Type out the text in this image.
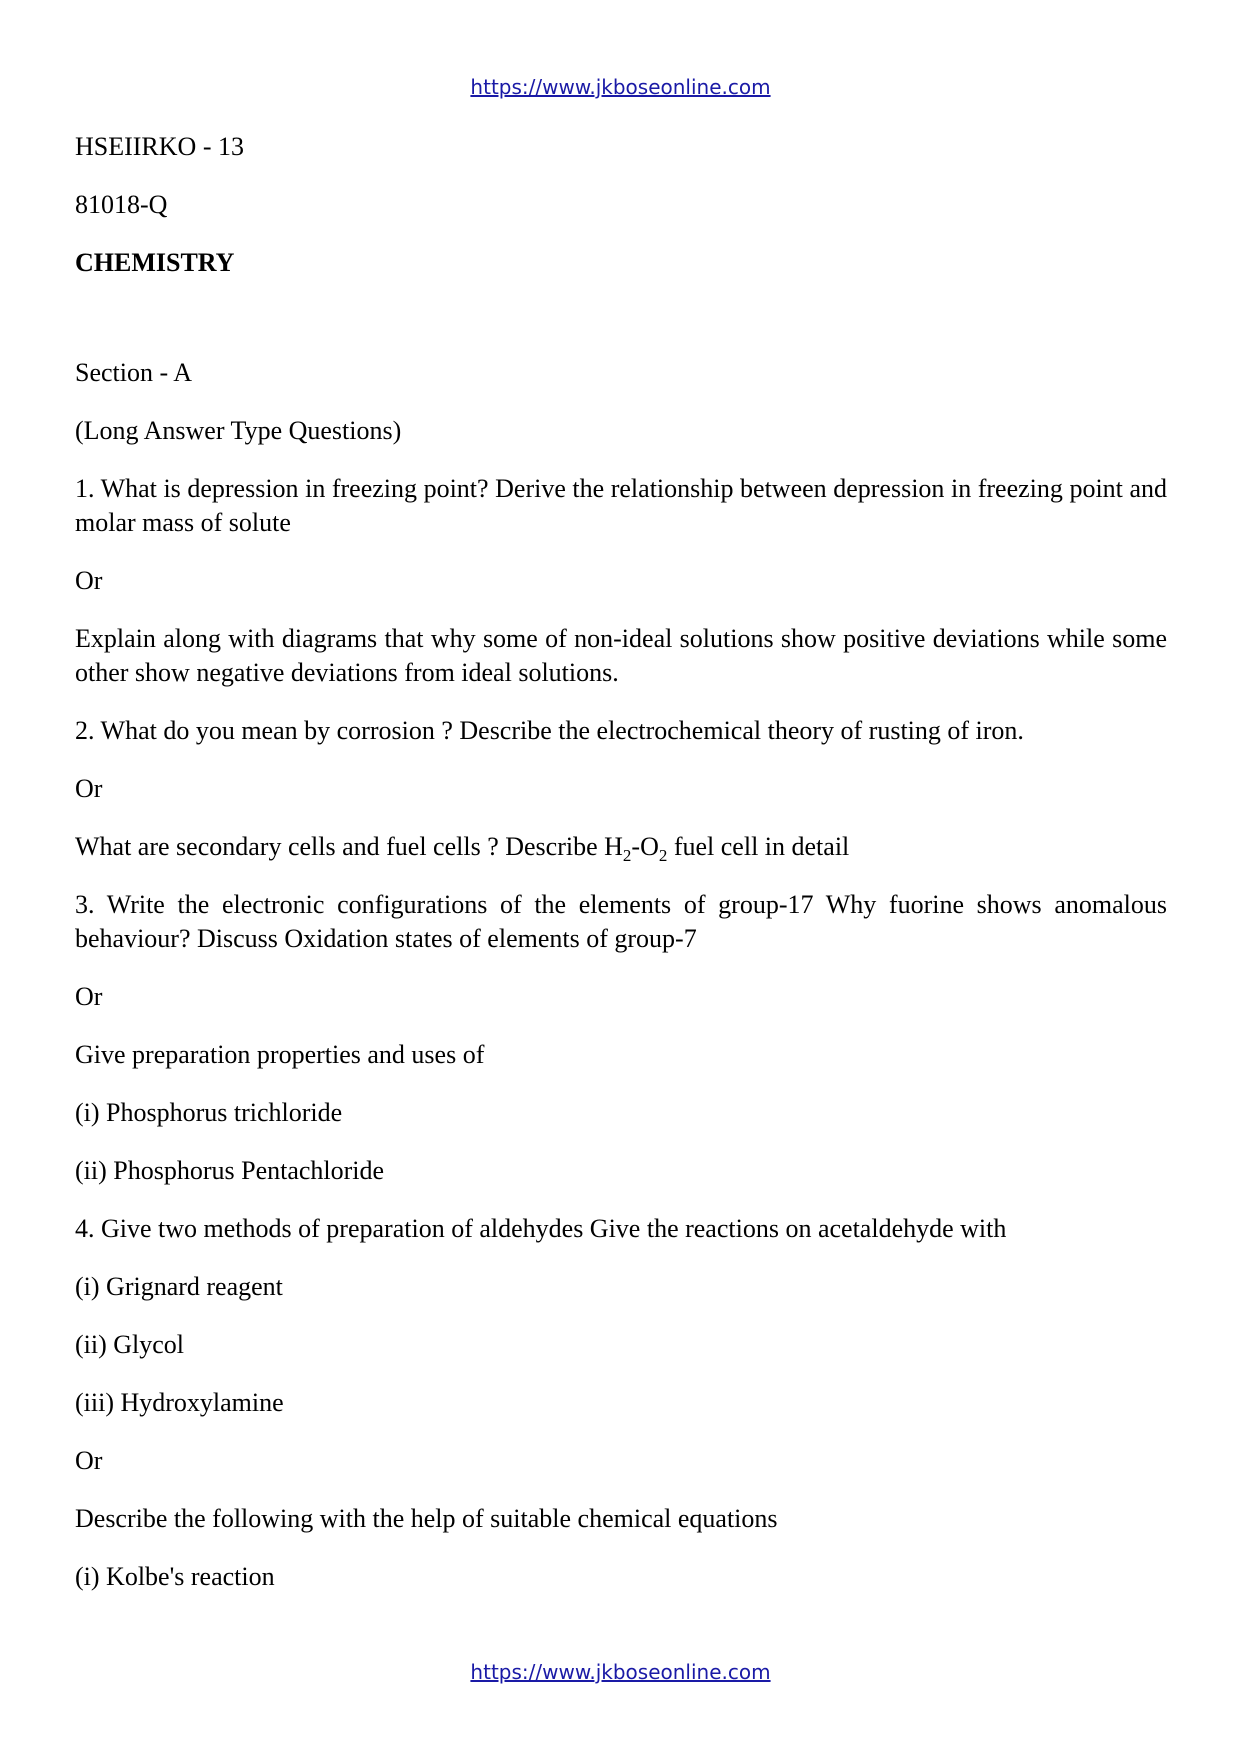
https://www.jkboseonline.com

HSEIIRKO - 13

81018-Q

CHEMISTRY

Section - A

(Long Answer Type Questions)

1. What is depression in freezing point? Derive the relationship between depression in freezing point and molar mass of solute

Or

Explain along with diagrams that why some of non-ideal solutions show positive deviations while some other show negative deviations from ideal solutions.

2. What do you mean by corrosion ? Describe the electrochemical theory of rusting of iron.

Or

What are secondary cells and fuel cells ? Describe $H_2-O_2$ fuel cell in detail

3. Write the electronic configurations of the elements of group-17 Why fuorine shows anomalous behaviour? Discuss Oxidation states of elements of group-7

Or

Give preparation properties and uses of

(i) Phosphorus trichloride

(ii) Phosphorus Pentachloride

4. Give two methods of preparation of aldehydes Give the reactions on acetaldehyde with

(i) Grignard reagent

(ii) Glycol

(iii) Hydroxylamine

Or

Describe the following with the help of suitable chemical equations

(i) Kolbe's reaction

https://www.jkboseonline.com
